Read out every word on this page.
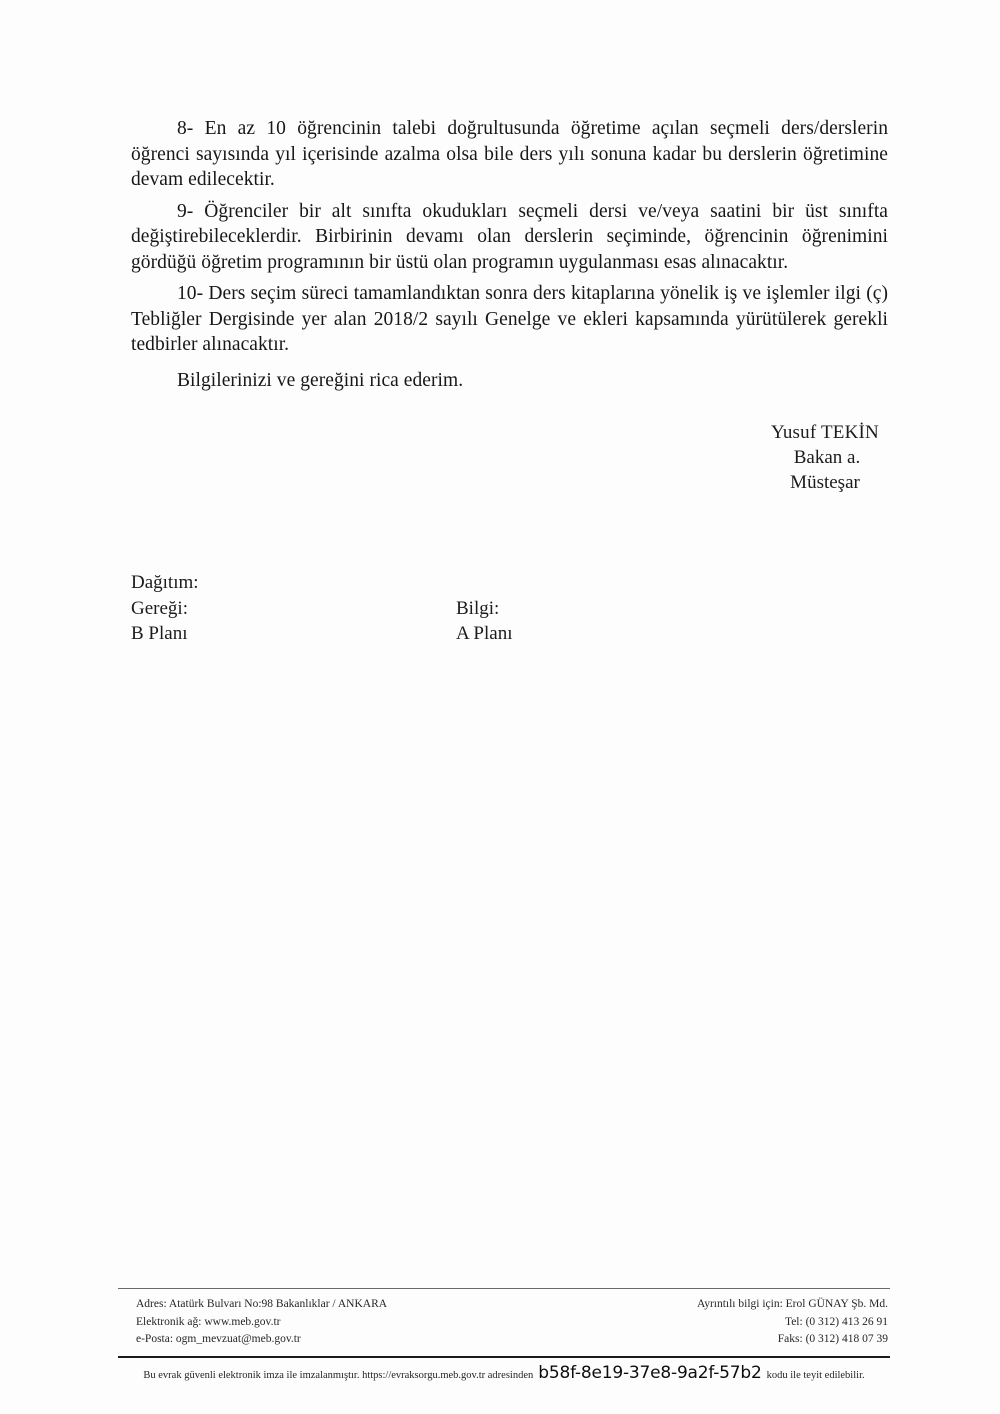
8- En az 10 öğrencinin talebi doğrultusunda öğretime açılan seçmeli ders/derslerin öğrenci sayısında yıl içerisinde azalma olsa bile ders yılı sonuna kadar bu derslerin öğretimine devam edilecektir.

9- Öğrenciler bir alt sınıfta okudukları seçmeli dersi ve/veya saatini bir üst sınıfta değiştirebileceklerdir. Birbirinin devamı olan derslerin seçiminde, öğrencinin öğrenimini gördüğü öğretim programının bir üstü olan programın uygulanması esas alınacaktır.

10- Ders seçim süreci tamamlandıktan sonra ders kitaplarına yönelik iş ve işlemler ilgi (ç) Tebliğler Dergisinde yer alan 2018/2 sayılı Genelge ve ekleri kapsamında yürütülerek gerekli tedbirler alınacaktır.

Bilgilerinizi ve gereğini rica ederim.

Yusuf TEKİN
Bakan a.
Müsteşar
Dağıtım:
Gereği:	Bilgi:
B Planı	A Planı
Adres: Atatürk Bulvarı No:98 Bakanlıklar / ANKARA
Elektronik ağ: www.meb.gov.tr
e-Posta: ogm_mevzuat@meb.gov.tr
Ayrıntılı bilgi için: Erol GÜNAY Şb. Md.
Tel: (0 312) 413 26 91
Faks: (0 312) 418 07 39
Bu evrak güvenli elektronik imza ile imzalanmıştır. https://evraksorgu.meb.gov.tr adresinden b58f-8e19-37e8-9a2f-57b2 kodu ile teyit edilebilir.
